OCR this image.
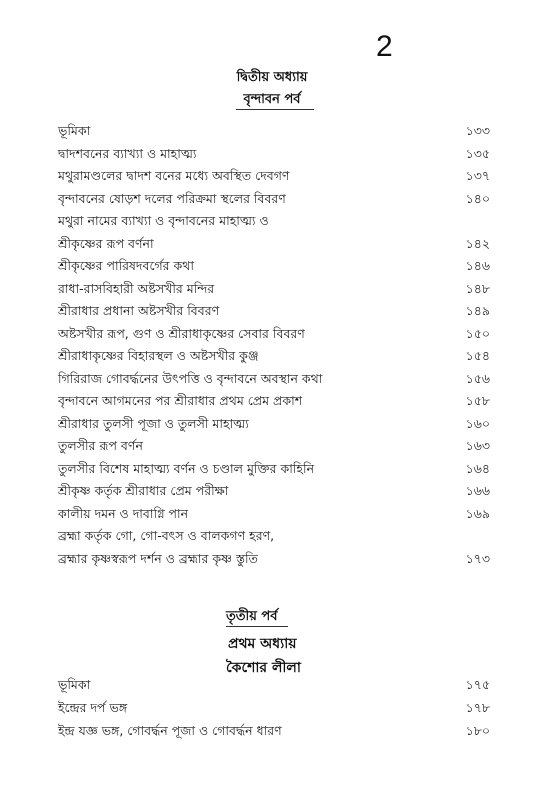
2
দ্বিতীয় অধ্যায়
বৃন্দাবন পর্ব
ভূমিকা	১৩৩
দ্বাদশবনের ব্যাখ্যা ও মাহাত্ম্য	১৩৫
মথুরামণ্ডলের দ্বাদশ বনের মধ্যে অবস্থিত দেবগণ	১৩৭
বৃন্দাবনের ষোড়শ দলের পরিক্রমা স্থলের বিবরণ	১৪০
মথুরা নামের ব্যাখ্যা ও বৃন্দাবনের মাহাত্ম্য ও
শ্রীকৃষ্ণের রূপ বর্ণনা	১৪২
শ্রীকৃষ্ণের পারিষদবর্গের কথা	১৪৬
রাধা-রাসবিহারী অষ্টসখীর মন্দির	১৪৮
শ্রীরাধার প্রধানা অষ্টসখীর বিবরণ	১৪৯
অষ্টসখীর রূপ, গুণ ও শ্রীরাধাকৃষ্ণের সেবার বিবরণ	১৫০
শ্রীরাধাকৃষ্ণের বিহারস্থল ও অষ্টসখীর কুঞ্জ	১৫৪
গিরিরাজ গোবর্দ্ধনের উৎপত্তি ও বৃন্দাবনে অবস্থান কথা	১৫৬
বৃন্দাবনে আগমনের পর শ্রীরাধার প্রথম প্রেম প্রকাশ	১৫৮
শ্রীরাধার তুলসী পূজা ও তুলসী মাহাত্ম্য	১৬০
তুলসীর রূপ বর্ণন	১৬৩
তুলসীর বিশেষ মাহাত্ম্য বর্ণন ও চণ্ডাল মুক্তির কাহিনি	১৬৪
শ্রীকৃষ্ণ কর্তৃক শ্রীরাধার প্রেম পরীক্ষা	১৬৬
কালীয় দমন ও দাবাগ্নি পান	১৬৯
ব্রহ্মা কর্তৃক গো, গো-বৎস ও বালকগণ হরণ,
ব্রহ্মার কৃষ্ণস্বরূপ দর্শন ও ব্রহ্মার কৃষ্ণ স্তুতি	১৭৩
তৃতীয় পর্ব
প্রথম অধ্যায়
কৈশোর লীলা
ভূমিকা	১৭৫
ইন্দ্রের দর্প ভঙ্গ	১৭৮
ইন্দ্র যজ্ঞ ভঙ্গ, গোবর্দ্ধন পূজা ও গোবর্দ্ধন ধারণ	১৮০
